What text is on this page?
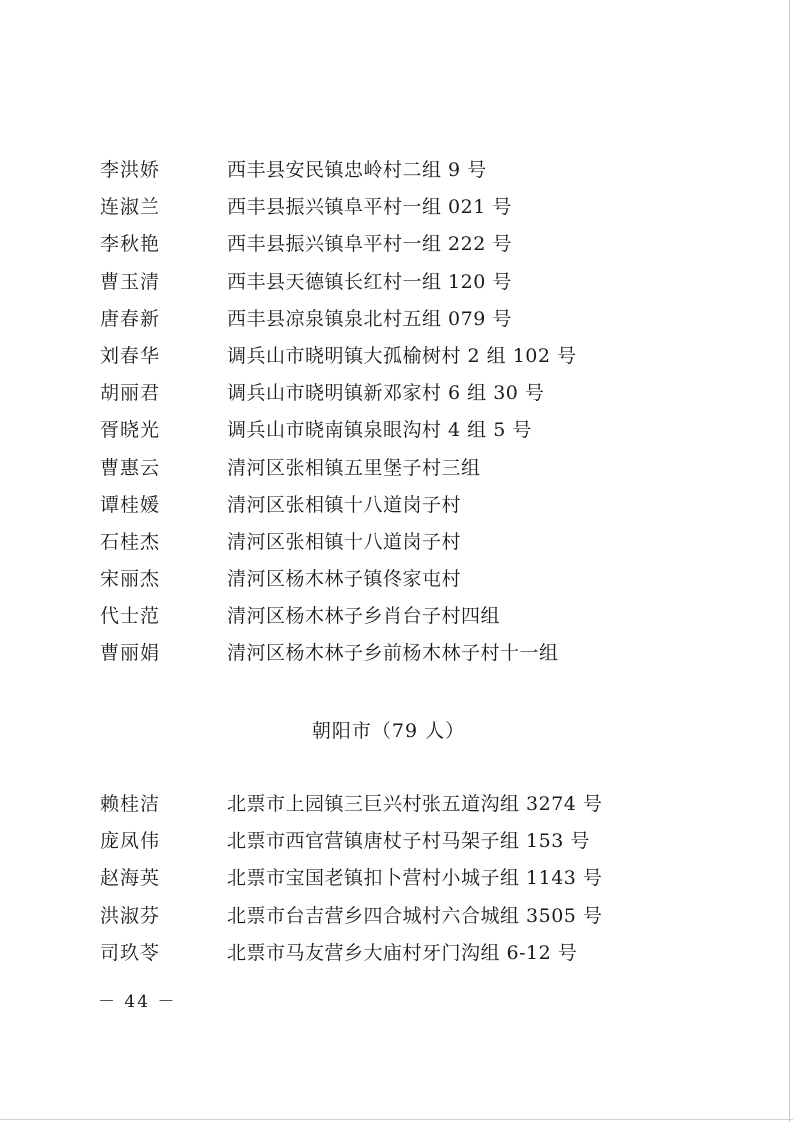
李洪娇	西丰县安民镇忠岭村二组 9 号
连淑兰	西丰县振兴镇阜平村一组 021 号
李秋艳	西丰县振兴镇阜平村一组 222 号
曹玉清	西丰县天德镇长红村一组 120 号
唐春新	西丰县凉泉镇泉北村五组 079 号
刘春华	调兵山市晓明镇大孤榆树村 2 组 102 号
胡丽君	调兵山市晓明镇新邓家村 6 组 30 号
胥晓光	调兵山市晓南镇泉眼沟村 4 组 5 号
曹惠云	清河区张相镇五里堡子村三组
谭桂媛	清河区张相镇十八道岗子村
石桂杰	清河区张相镇十八道岗子村
宋丽杰	清河区杨木林子镇佟家屯村
代士范	清河区杨木林子乡肖台子村四组
曹丽娟	清河区杨木林子乡前杨木林子村十一组
朝阳市（79 人）
赖桂洁	北票市上园镇三巨兴村张五道沟组 3274 号
庞凤伟	北票市西官营镇唐杖子村马架子组 153 号
赵海英	北票市宝国老镇扣卜营村小城子组 1143 号
洪淑芬	北票市台吉营乡四合城村六合城组 3505 号
司玖苓	北票市马友营乡大庙村牙门沟组 6-12 号
－ 44 －
